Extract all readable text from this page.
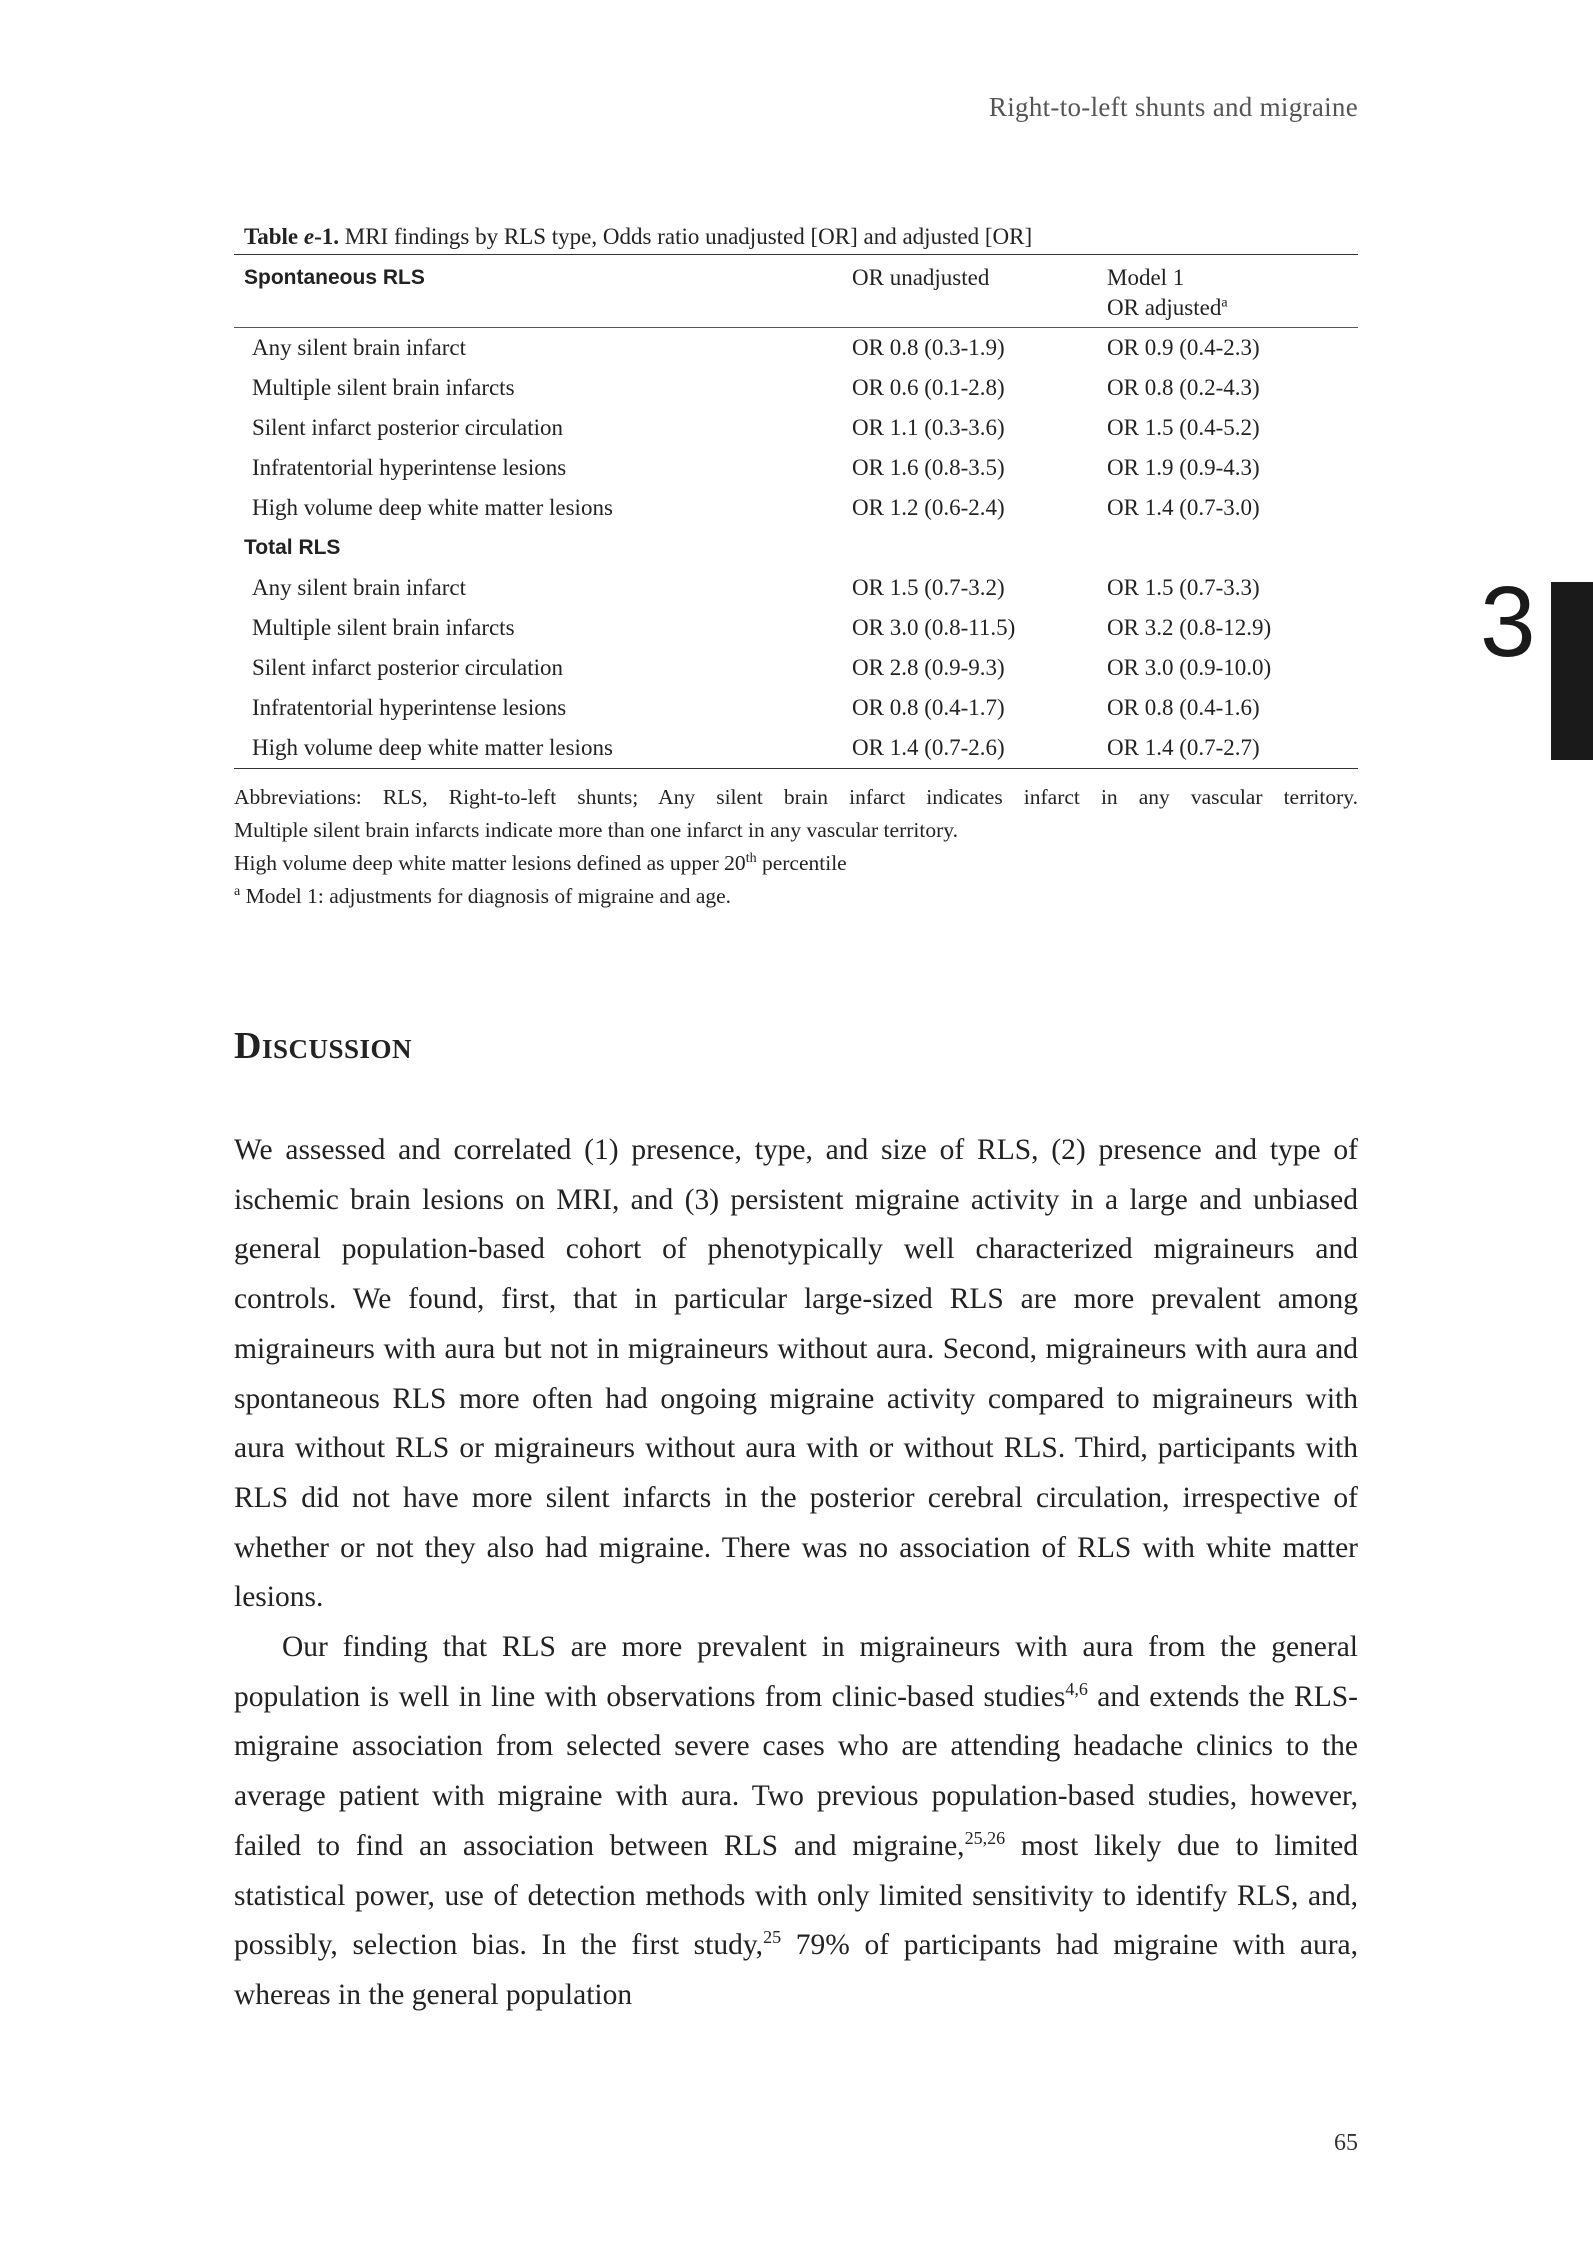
Right-to-left shunts and migraine
3
Table e-1. MRI findings by RLS type, Odds ratio unadjusted [OR] and adjusted [OR]
Spontaneous RLS	OR unadjusted	Model 1
OR adjusted$^a$
Any silent brain infarct	OR 0.8 (0.3-1.9)	OR 0.9 (0.4-2.3)
Multiple silent brain infarcts	OR 0.6 (0.1-2.8)	OR 0.8 (0.2-4.3)
Silent infarct posterior circulation	OR 1.1 (0.3-3.6)	OR 1.5 (0.4-5.2)
Infratentorial hyperintense lesions	OR 1.6 (0.8-3.5)	OR 1.9 (0.9-4.3)
High volume deep white matter lesions	OR 1.2 (0.6-2.4)	OR 1.4 (0.7-3.0)
Total RLS		
Any silent brain infarct	OR 1.5 (0.7-3.2)	OR 1.5 (0.7-3.3)
Multiple silent brain infarcts	OR 3.0 (0.8-11.5)	OR 3.2 (0.8-12.9)
Silent infarct posterior circulation	OR 2.8 (0.9-9.3)	OR 3.0 (0.9-10.0)
Infratentorial hyperintense lesions	OR 0.8 (0.4-1.7)	OR 0.8 (0.4-1.6)
High volume deep white matter lesions	OR 1.4 (0.7-2.6)	OR 1.4 (0.7-2.7)

Abbreviations: RLS, Right-to-left shunts; Any silent brain infarct indicates infarct in any vascular territory.

Multiple silent brain infarcts indicate more than one infarct in any vascular territory.

High volume deep white matter lesions defined as upper 20th percentile

$^a$ Model 1: adjustments for diagnosis of migraine and age.

Discussion

We assessed and correlated (1) presence, type, and size of RLS, (2) presence and type of ischemic brain lesions on MRI, and (3) persistent migraine activity in a large and unbiased general population-based cohort of phenotypically well characterized migraineurs and controls. We found, first, that in particular large-sized RLS are more prevalent among migraineurs with aura but not in migraineurs without aura. Second, migraineurs with aura and spontaneous RLS more often had ongoing migraine activity compared to migraineurs with aura without RLS or migraineurs without aura with or without RLS. Third, participants with RLS did not have more silent infarcts in the posterior cerebral circulation, irrespective of whether or not they also had migraine. There was no association of RLS with white matter lesions.

Our finding that RLS are more prevalent in migraineurs with aura from the general population is well in line with observations from clinic-based studies$^{4,6}$ and extends the RLS-migraine association from selected severe cases who are attending headache clinics to the average patient with migraine with aura. Two previous population-based studies, however, failed to find an association between RLS and migraine,$^{25,26}$ most likely due to limited statistical power, use of detection methods with only limited sensitivity to identify RLS, and, possibly, selection bias. In the first study,$^{25}$ 79% of participants had migraine with aura, whereas in the general population

65
